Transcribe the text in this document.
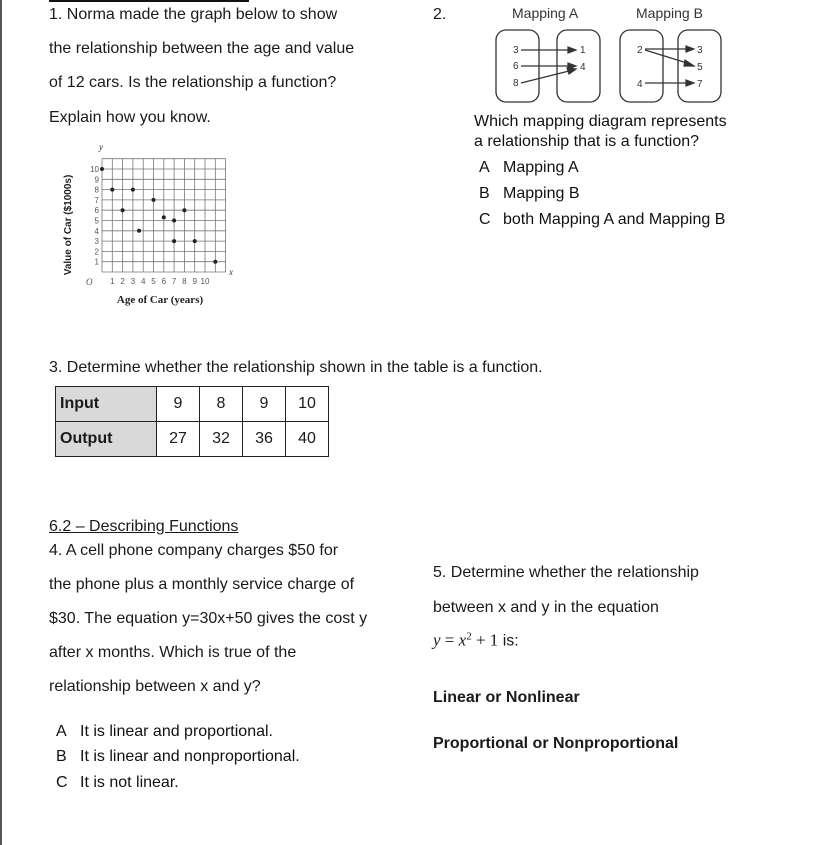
1. Norma made the graph below to show
the relationship between the age and value
of 12 cars. Is the relationship a function?
Explain how you know.
1 2 3 4 5 6 7 8 9 10
1
2
3
4
5
6
7
8
9
10
Value of Car ($1000s)
Age of Car (years)
y
x
O
2.	Mapping A	Mapping B
3
6
8
1
4
2
4
3
5
7
Which mapping diagram represents
a relationship that is a function?
A Mapping A
B Mapping B
C both Mapping A and Mapping B
3. Determine whether the relationship shown in the table is a function.
Input	9	8	9	10
Output	27	32	36	40
6.2 – Describing Functions
4. A cell phone company charges $50 for
the phone plus a monthly service charge of
$30. The equation y=30x+50 gives the cost y
after x months. Which is true of the
relationship between x and y?
A It is linear and proportional.
B It is linear and nonproportional.
C It is not linear.
5. Determine whether the relationship
between x and y in the equation
$y = x^2 + 1$ is:
Linear or Nonlinear
Proportional or Nonproportional
